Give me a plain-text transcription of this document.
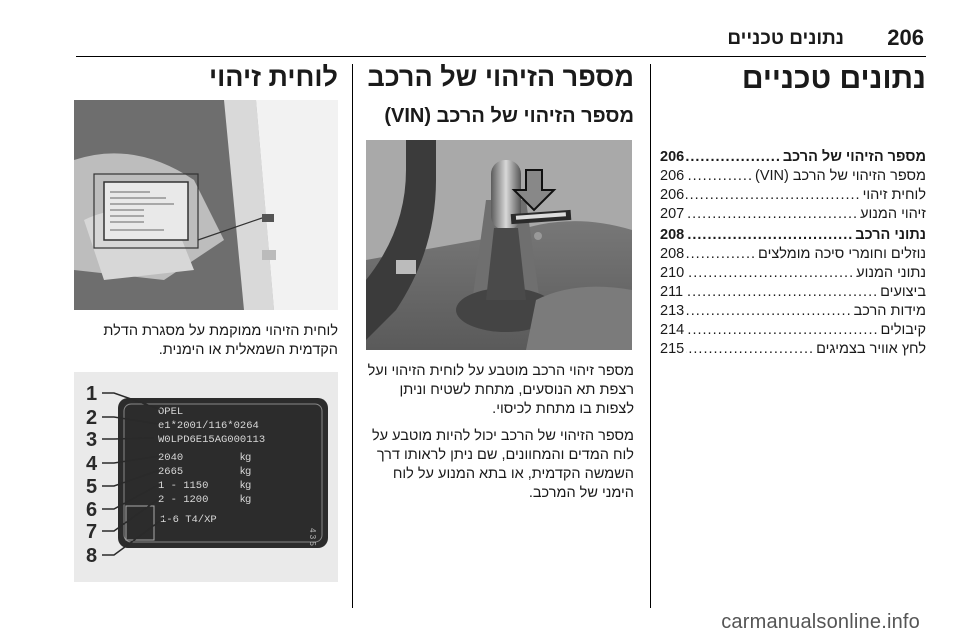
206
נתונים טכניים
נתונים טכניים
מספר הזיהוי של הרכב
.....
206
מספר הזיהוי של הרכב (VIN)
.....
206
לוחית זיהוי
.....
206
זיהוי המנוע
.....
207
נתוני הרכב
.....
208
נוזלים וחומרי סיכה מומלצים
.....
208
נתוני המנוע
.....
210
ביצועים
.....
211
מידות הרכב
.....
213
קיבולים
.....
214
לחץ אוויר בצמיגים
.....
215
מספר הזיהוי של הרכב
מספר הזיהוי של הרכב (VIN)

מספר זיהוי הרכב מוטבע על לוחית הזיהוי ועל רצפת תא הנוסעים, מתחת לשטיח וניתן לצפות בו מתחת לכיסוי.

מספר הזיהוי של הרכב יכול להיות מוטבע על לוח המדים והמחוונים, שם ניתן לראותו דרך השמשה הקדמית, או בתא המנוע על לוח הימני של המרכב.

לוחית זיהוי

לוחית הזיהוי ממוקמת על מסגרת הדלת הקדמית השמאלית או הימנית.

OPEL
e1*2001/116*0264
W0LPD6E15AG000113
2040
2665
1 - 1150
2 - 1200
1-6 T4/XP
kg
kg
kg
kg
4 3 5
1
2
3
4
5
6
7
8
carmanualsonline.info
